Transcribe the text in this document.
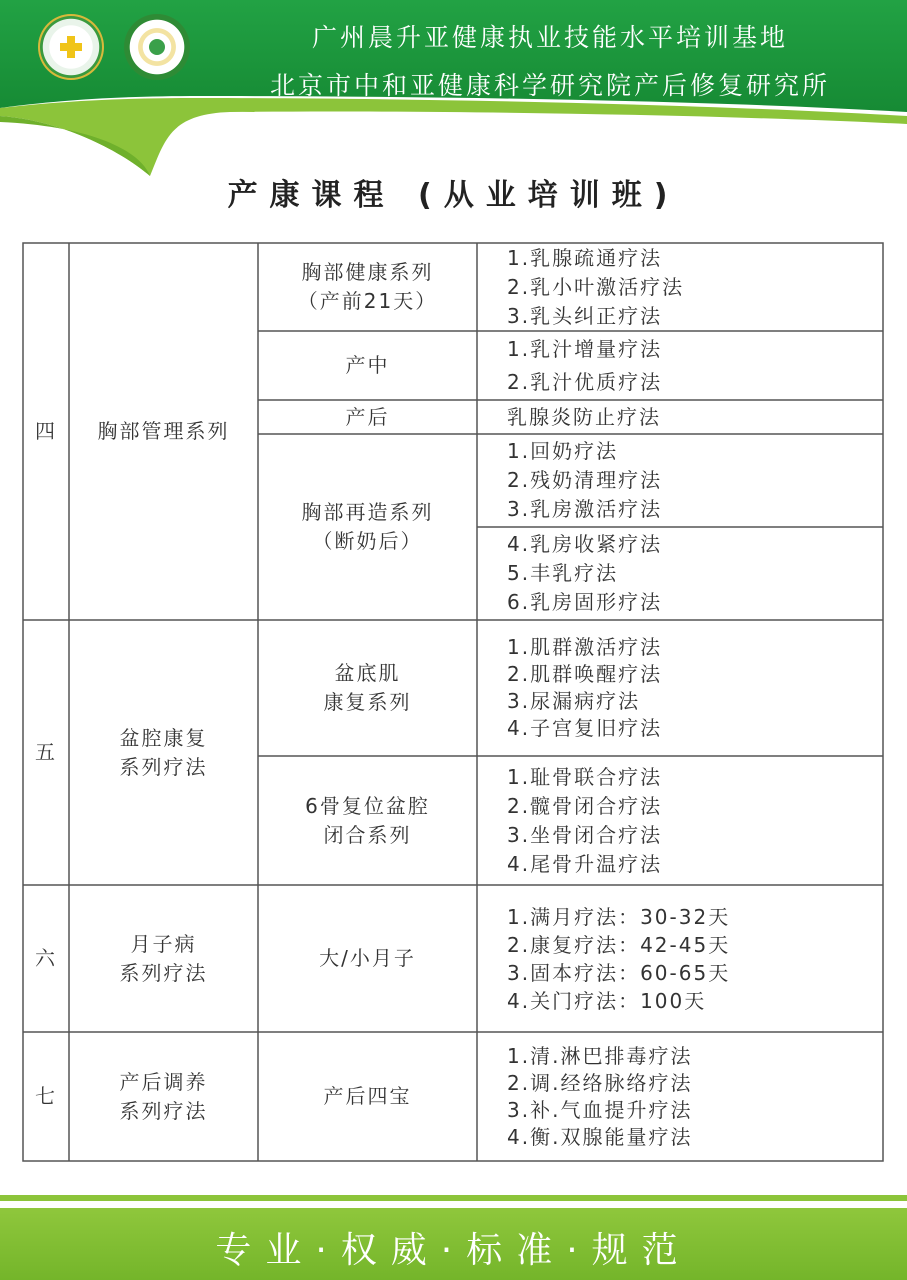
广州晨升亚健康执业技能水平培训基地
北京市中和亚健康科学研究院产后修复研究所
产康课程 (从业培训班)
四 胸部管理系列
胸部健康系列
（产前21天）
1.乳腺疏通疗法
2.乳小叶激活疗法
3.乳头纠正疗法
产中
1.乳汁增量疗法
2.乳汁优质疗法
产后	乳腺炎防止疗法
胸部再造系列
（断奶后）
1.回奶疗法
2.残奶清理疗法
3.乳房激活疗法
4.乳房收紧疗法
5.丰乳疗法
6.乳房固形疗法
五
盆腔康复
系列疗法
盆底肌
康复系列
1.肌群激活疗法
2.肌群唤醒疗法
3.尿漏病疗法
4.子宫复旧疗法
6骨复位盆腔
闭合系列
1.耻骨联合疗法
2.髋骨闭合疗法
3.坐骨闭合疗法
4.尾骨升温疗法
六
月子病
系列疗法
大/小月子
1.满月疗法：30-32天
2.康复疗法：42-45天
3.固本疗法：60-65天
4.关门疗法：100天
七
产后调养
系列疗法
产后四宝
1.清.淋巴排毒疗法
2.调.经络脉络疗法
3.补.气血提升疗法
4.衡.双腺能量疗法
专业·权威·标准·规范
